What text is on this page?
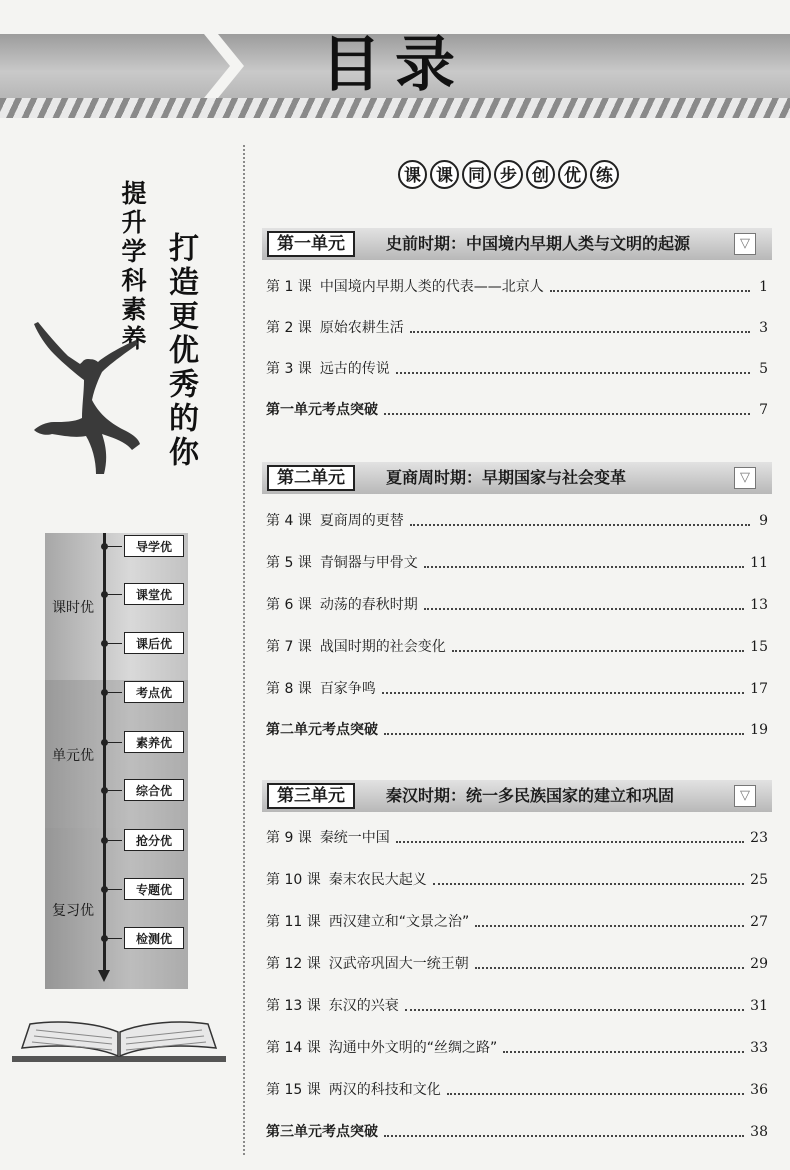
目录
提升学科素养 打造更优秀的你
课时优
单元优
复习优
导学优
课堂优
课后优
考点优
素养优
综合优
抢分优
专题优
检测优
课 课 同 步 创 优 练
第一单元	史前时期：中国境内早期人类与文明的起源	▽
第 1 课 中国境内早期人类的代表——北京人	1
第 2 课 原始农耕生活	3
第 3 课 远古的传说	5
第一单元考点突破	7
第二单元	夏商周时期：早期国家与社会变革	▽
第 4 课 夏商周的更替	9
第 5 课 青铜器与甲骨文	11
第 6 课 动荡的春秋时期	13
第 7 课 战国时期的社会变化	15
第 8 课 百家争鸣	17
第二单元考点突破	19
第三单元	秦汉时期：统一多民族国家的建立和巩固	▽
第 9 课 秦统一中国	23
第 10 课 秦末农民大起义	25
第 11 课 西汉建立和“文景之治”	27
第 12 课 汉武帝巩固大一统王朝	29
第 13 课 东汉的兴衰	31
第 14 课 沟通中外文明的“丝绸之路”	33
第 15 课 两汉的科技和文化	36
第三单元考点突破	38
